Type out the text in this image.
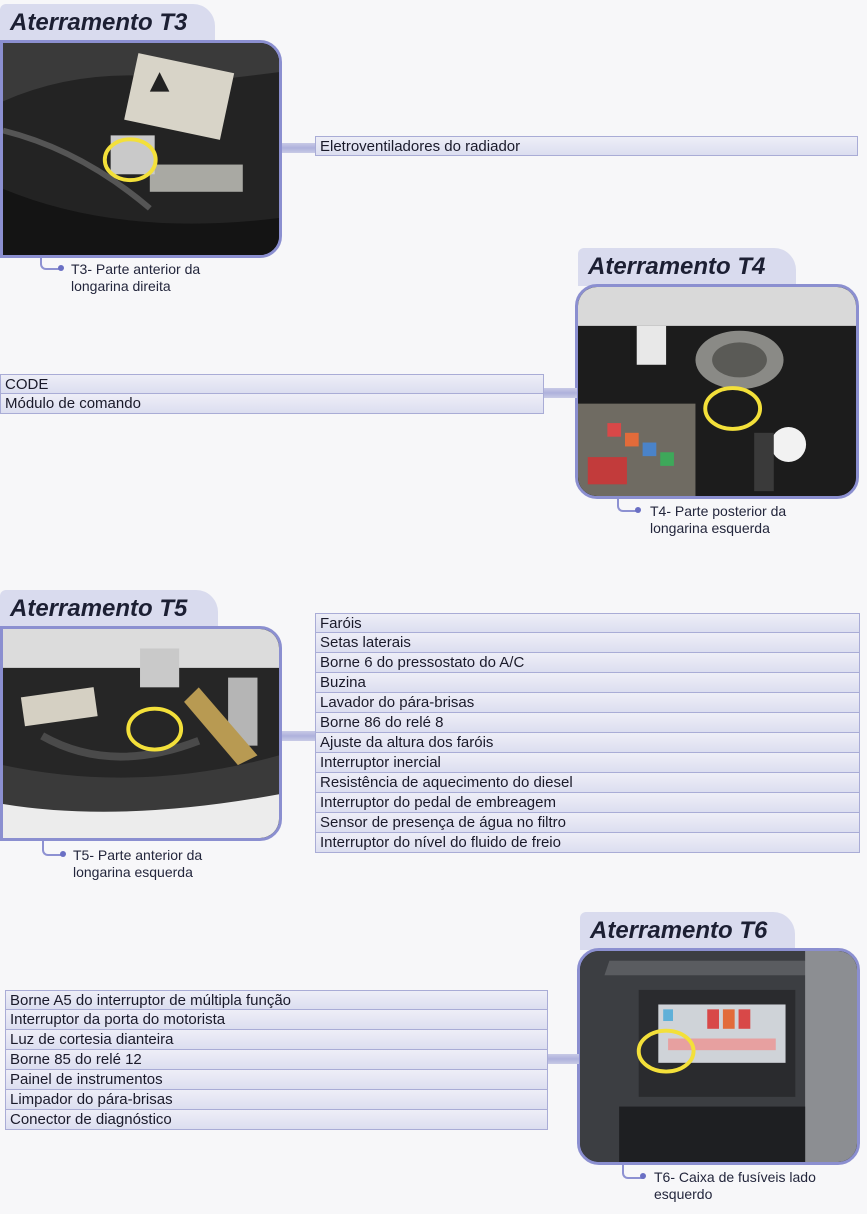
Aterramento T3
Eletroventiladores do radiador
T3- Parte anterior da
longarina direita
Aterramento T4
CODE
Módulo de comando
T4- Parte posterior da
longarina esquerda
Aterramento T5
Faróis
Setas laterais
Borne 6 do pressostato do A/C
Buzina
Lavador do pára-brisas
Borne 86 do relé 8
Ajuste da altura dos faróis
Interruptor inercial
Resistência de aquecimento do diesel
Interruptor do pedal de embreagem
Sensor de presença de água no filtro
Interruptor do nível do fluido de freio
T5- Parte anterior da
longarina esquerda
Aterramento T6
Borne A5 do interruptor de múltipla função
Interruptor da porta do motorista
Luz de cortesia dianteira
Borne 85 do relé 12
Painel de instrumentos
Limpador do pára-brisas
Conector de diagnóstico
T6- Caixa de fusíveis lado
esquerdo
